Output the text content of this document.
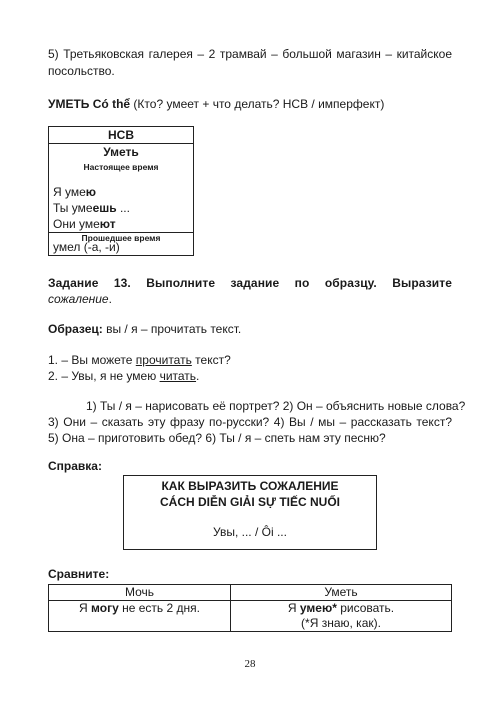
5) Третьяковская галерея – 2 трамвай – большой магазин – китайское
посольство.
УМЕТЬ Có thể (Кто? умеет + что делать? НСВ / имперфект)
НСВ
Уметь
Настоящее время
Я умею
Ты умеешь ...
Они умеют
Прошедшее время
умел (-а, -и)
Задание 13. Выполните задание по образцу. Выразите
сожаление.
Образец: вы / я – прочитать текст.
1. – Вы можете прочитать текст?
2. – Увы, я не умею читать.
1) Ты / я – нарисовать её портрет? 2) Он – объяснить новые слова?
3) Они – сказать эту фразу по-русски? 4) Вы / мы – рассказать текст?
5) Она – приготовить обед? 6) Ты / я – спеть нам эту песню?
Справка:
КАК ВЫРАЗИТЬ СОЖАЛЕНИЕ
CÁCH DIỄN GIẢI SỰ TIẾC NUỐI
Увы, ... / Ôi ...
Сравните:
Мочь	Уметь
Я могу не есть 2 дня.	Я умею* рисовать.
(*Я знаю, как).
28
